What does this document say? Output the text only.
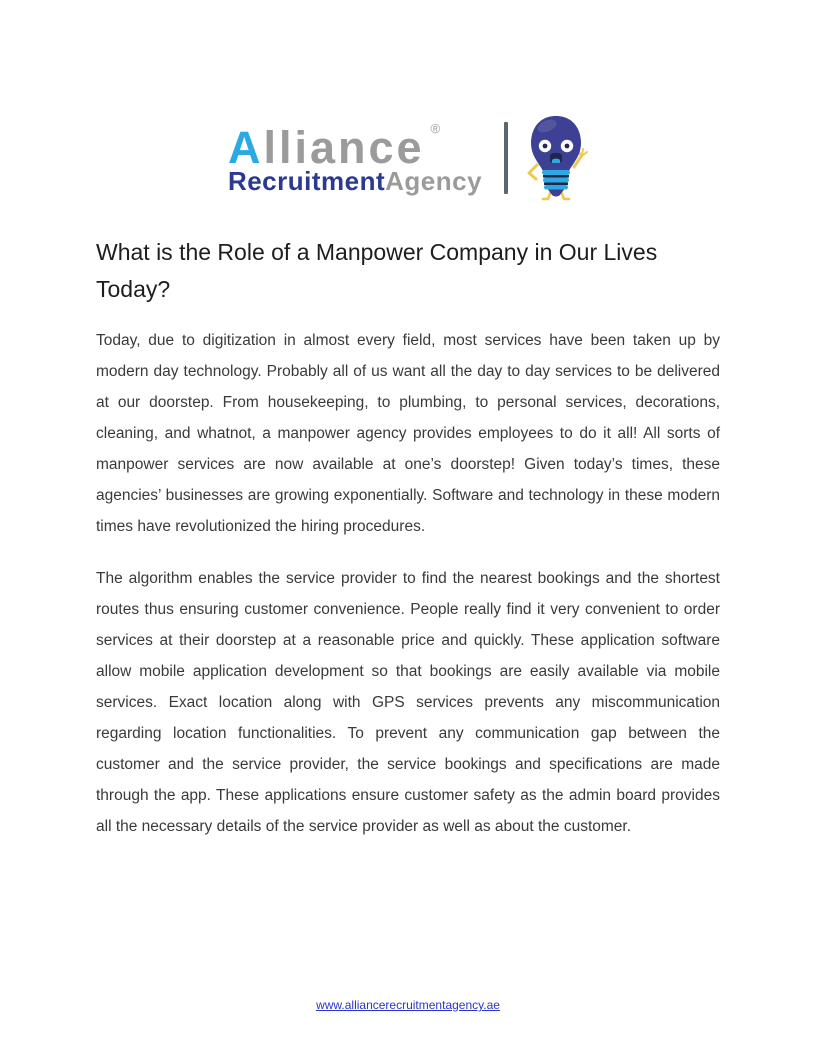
Alliance ®
RecruitmentAgency
What is the Role of a Manpower Company in Our Lives Today?

Today, due to digitization in almost every field, most services have been taken up by modern day technology. Probably all of us want all the day to day services to be delivered at our doorstep. From housekeeping, to plumbing, to personal services, decorations, cleaning, and whatnot, a manpower agency provides employees to do it all! All sorts of manpower services are now available at one’s doorstep! Given today’s times, these agencies’ businesses are growing exponentially. Software and technology in these modern times have revolutionized the hiring procedures.

The algorithm enables the service provider to find the nearest bookings and the shortest routes thus ensuring customer convenience. People really find it very convenient to order services at their doorstep at a reasonable price and quickly. These application software allow mobile application development so that bookings are easily available via mobile services. Exact location along with GPS services prevents any miscommunication regarding location functionalities. To prevent any communication gap between the customer and the service provider, the service bookings and specifications are made through the app. These applications ensure customer safety as the admin board provides all the necessary details of the service provider as well as about the customer.

www.alliancerecruitmentagency.ae
